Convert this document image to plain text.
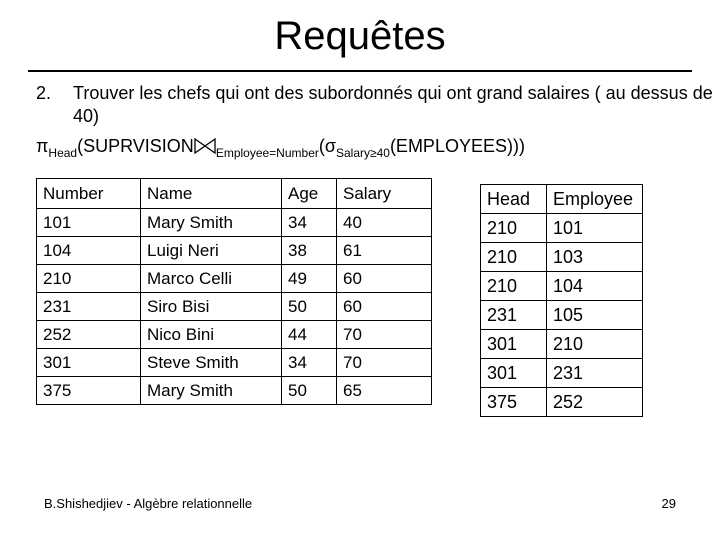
Requêtes
2. Trouver les chefs qui ont des subordonnés qui ont grand salaires ( au dessus de 40)
$\pi_{Head}(SUPRVISION$ $_{Employee=Number}(\sigma_{Salary\ge 40}(EMPLOYEES))$)
Number	Name	Age	Salary
101	Mary Smith	34	40
104	Luigi Neri	38	61
210	Marco Celli	49	60
231	Siro Bisi	50	60
252	Nico Bini	44	70
301	Steve Smith	34	70
375	Mary Smith	50	65
Head	Employee
210	101
210	103
210	104
231	105
301	210
301	231
375	252
B.Shishedjiev - Algèbre relationnelle	29
